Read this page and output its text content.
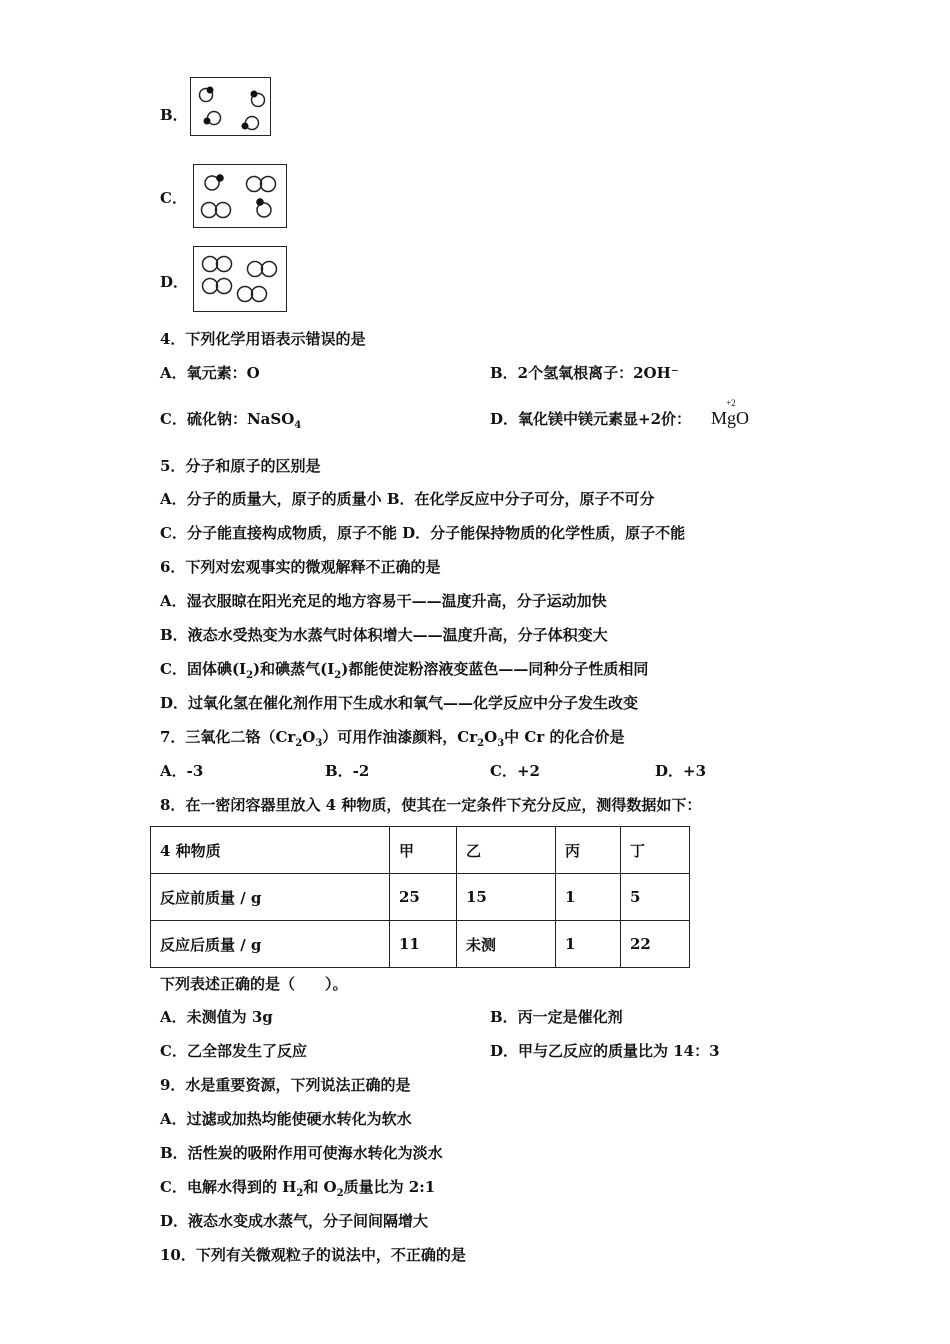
B．
C．
D．
4．下列化学用语表示错误的是
A．氧元素：O	B．2个氢氧根离子：2OH⁻
C．硫化钠：NaSO$_4$	D．氧化镁中镁元素显+2价：
+2
MgO
5．分子和原子的区别是
A．分子的质量大，原子的质量小 B．在化学反应中分子可分，原子不可分
C．分子能直接构成物质，原子不能 D．分子能保持物质的化学性质，原子不能
6．下列对宏观事实的微观解释不正确的是
A．湿衣服晾在阳光充足的地方容易干——温度升高，分子运动加快
B．液态水受热变为水蒸气时体积增大——温度升高，分子体积变大
C．固体碘$(I_2)$和碘蒸气$(I_2)$都能使淀粉溶液变蓝色——同种分子性质相同
D．过氧化氢在催化剂作用下生成水和氧气——化学反应中分子发生改变
7．三氧化二铬$(Cr_2O_3)$可用作油漆颜料，$Cr_2O_3$中 Cr 的化合价是
A．-3	B．-2	C．+2	D．+3
8．在一密闭容器里放入 4 种物质，使其在一定条件下充分反应，测得数据如下：
4 种物质	甲	乙	丙	丁
反应前质量 / g	25	15	1	5
反应后质量 / g	11	未测	1	22
下列表述正确的是（　　）。
A．未测值为 3g	B．丙一定是催化剂
C．乙全部发生了反应	D．甲与乙反应的质量比为 14：3
9．水是重要资源，下列说法正确的是
A．过滤或加热均能使硬水转化为软水
B．活性炭的吸附作用可使海水转化为淡水
C．电解水得到的 $H_2$和 $O_2$质量比为 2:1
D．液态水变成水蒸气，分子间间隔增大
10．下列有关微观粒子的说法中，不正确的是
